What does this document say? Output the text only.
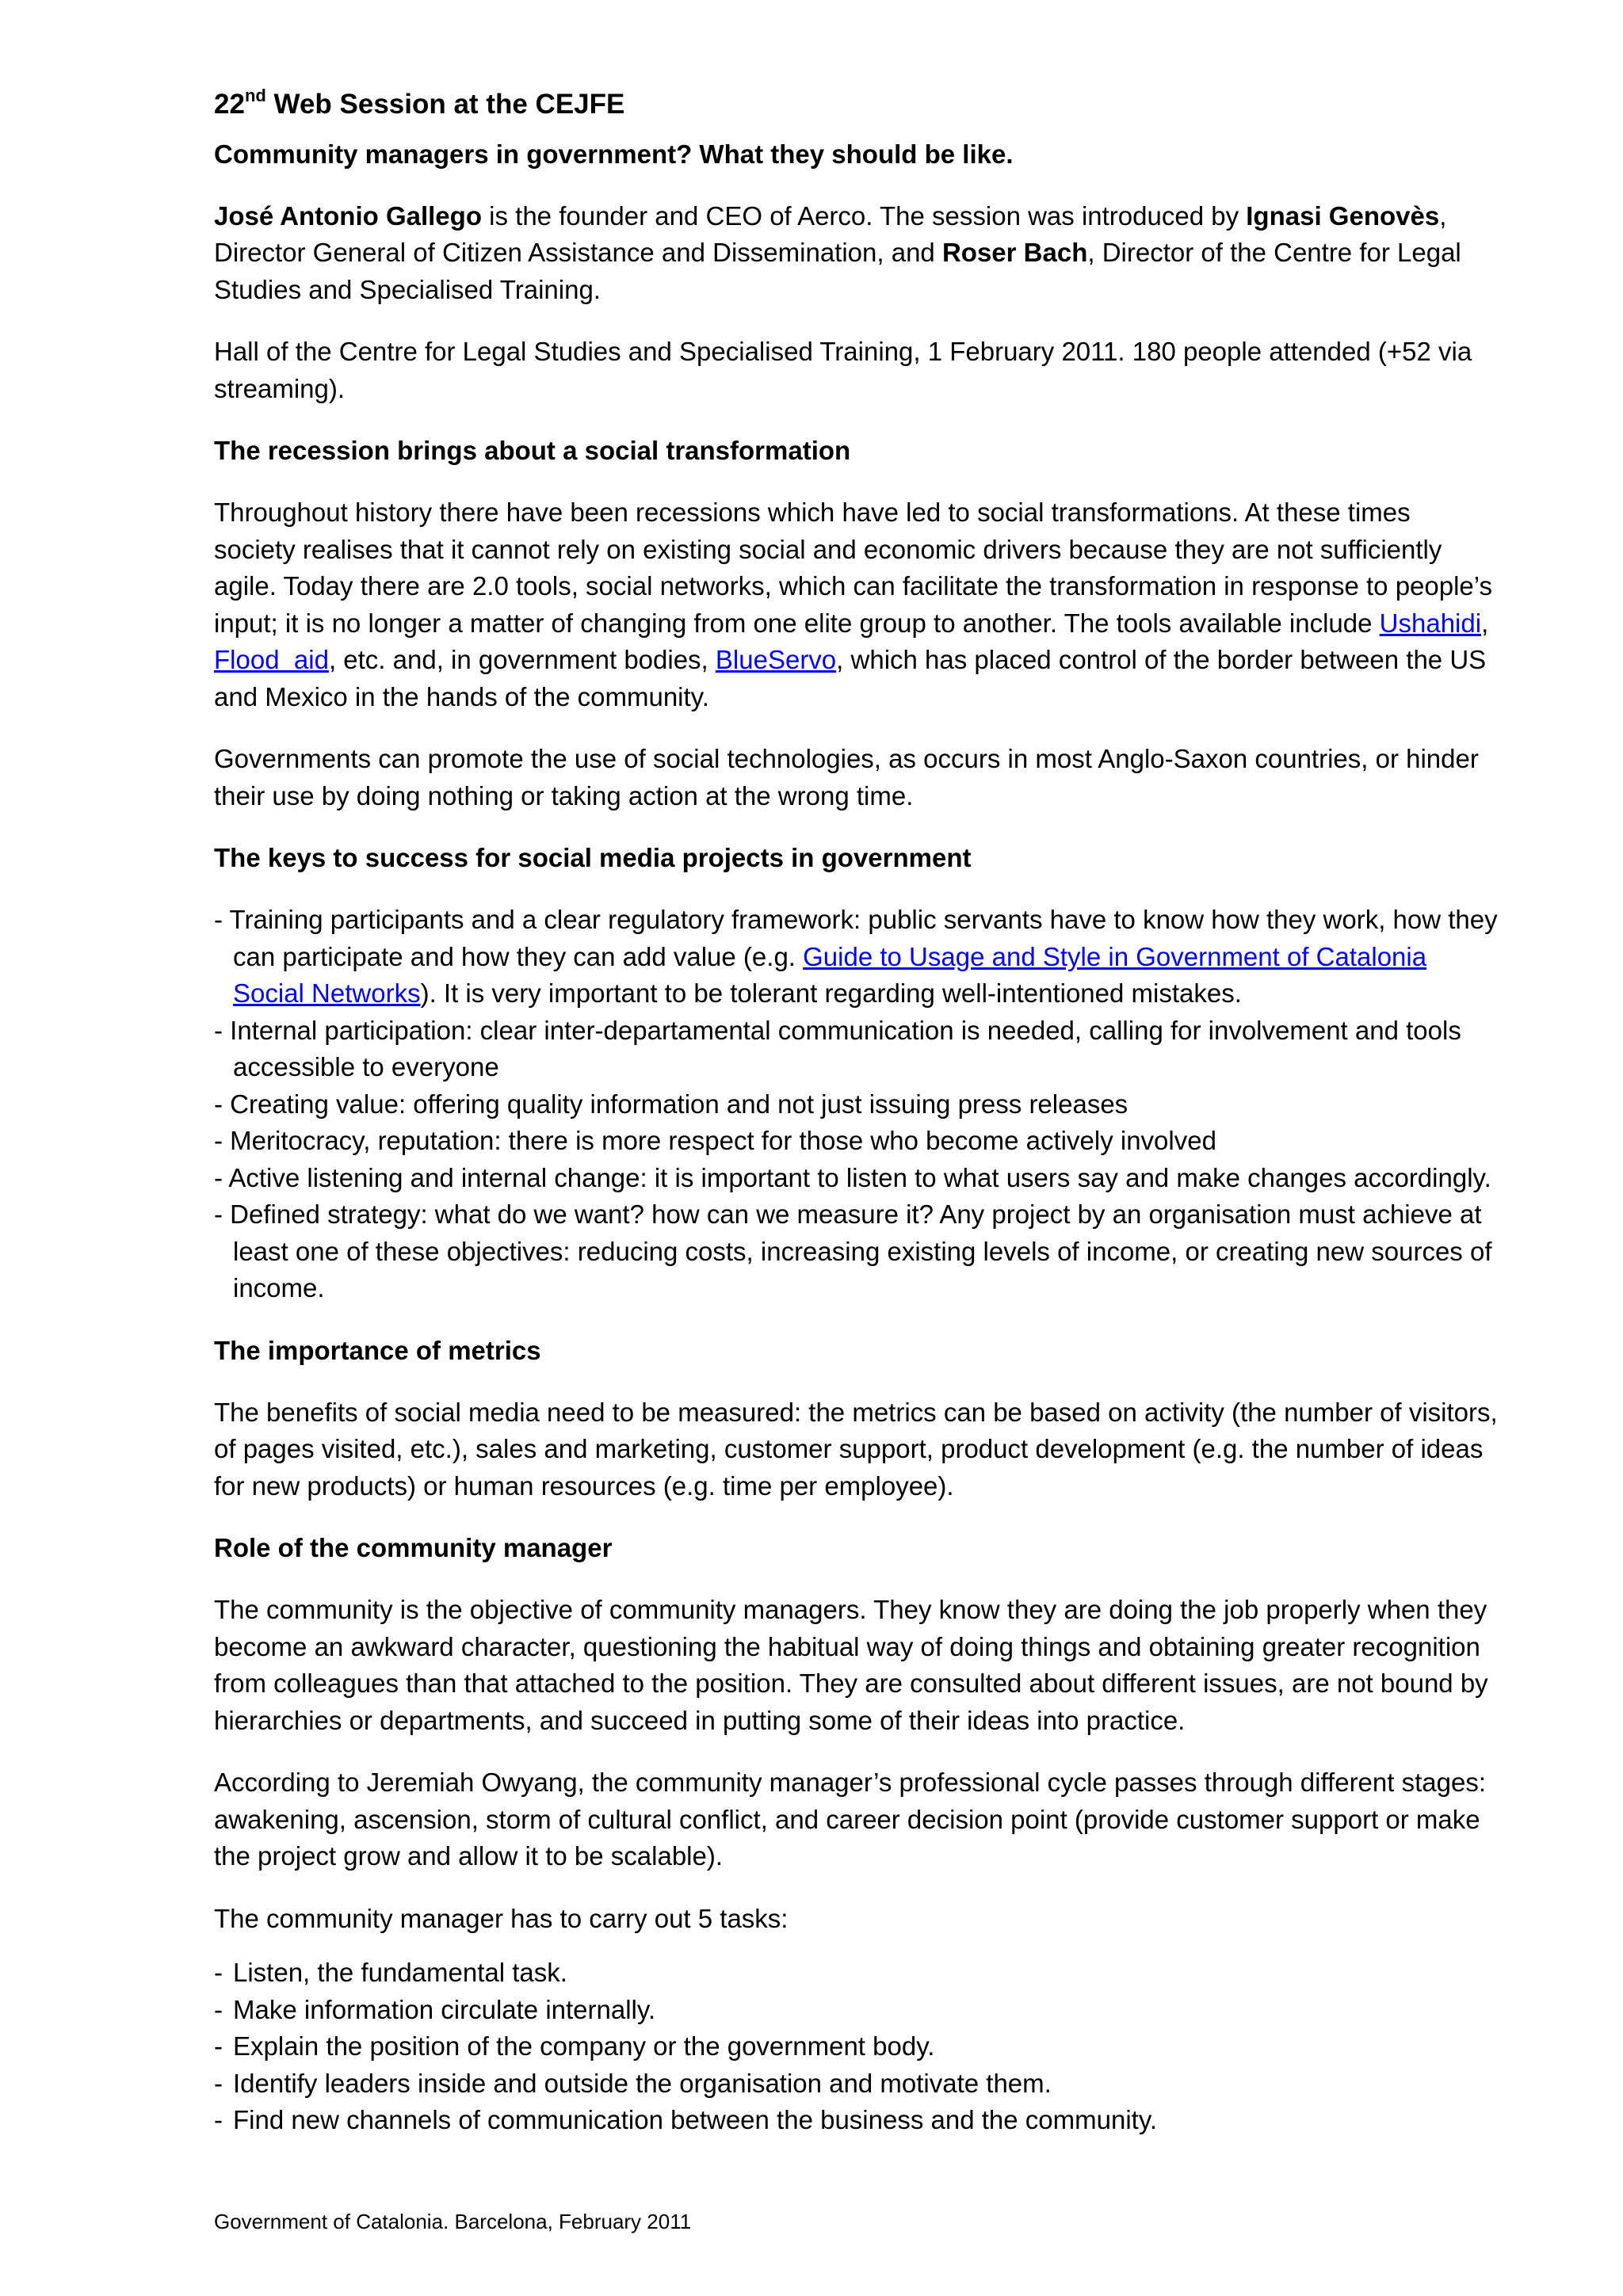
22nd Web Session at the CEJFE
Community managers in government? What they should be like.

José Antonio Gallego is the founder and CEO of Aerco. The session was introduced by Ignasi Genovès, Director General of Citizen Assistance and Dissemination, and Roser Bach, Director of the Centre for Legal Studies and Specialised Training.

Hall of the Centre for Legal Studies and Specialised Training, 1 February 2011. 180 people attended (+52 via streaming).

The recession brings about a social transformation

Throughout history there have been recessions which have led to social transformations. At these times society realises that it cannot rely on existing social and economic drivers because they are not sufficiently agile. Today there are 2.0 tools, social networks, which can facilitate the transformation in response to people’s input; it is no longer a matter of changing from one elite group to another. The tools available include Ushahidi, Flood  aid, etc. and, in government bodies, BlueServo, which has placed control of the border between the US and Mexico in the hands of the community.

Governments can promote the use of social technologies, as occurs in most Anglo-Saxon countries, or hinder their use by doing nothing or taking action at the wrong time.

The keys to success for social media projects in government
- Training participants and a clear regulatory framework: public servants have to know how they work, how they can participate and how they can add value (e.g. Guide to Usage and Style in Government of Catalonia Social Networks). It is very important to be tolerant regarding well-intentioned mistakes.
- Internal participation: clear inter-departamental communication is needed, calling for involvement and tools accessible to everyone
- Creating value: offering quality information and not just issuing press releases
- Meritocracy, reputation: there is more respect for those who become actively involved
- Active listening and internal change: it is important to listen to what users say and make changes accordingly.
- Defined strategy: what do we want? how can we measure it? Any project by an organisation must achieve at least one of these objectives: reducing costs, increasing existing levels of income, or creating new sources of income.
The importance of metrics

The benefits of social media need to be measured: the metrics can be based on activity (the number of visitors, of pages visited, etc.), sales and marketing, customer support, product development (e.g. the number of ideas for new products) or human resources (e.g. time per employee).

Role of the community manager

The community is the objective of community managers. They know they are doing the job properly when they become an awkward character, questioning the habitual way of doing things and obtaining greater recognition from colleagues than that attached to the position. They are consulted about different issues, are not bound by hierarchies or departments, and succeed in putting some of their ideas into practice.

According to Jeremiah Owyang, the community manager’s professional cycle passes through different stages: awakening, ascension, storm of cultural conflict, and career decision point (provide customer support or make the project grow and allow it to be scalable).

The community manager has to carry out 5 tasks:

- Listen, the fundamental task.
- Make information circulate internally.
- Explain the position of the company or the government body.
- Identify leaders inside and outside the organisation and motivate them.
- Find new channels of communication between the business and the community.
Government of Catalonia. Barcelona, February 2011
